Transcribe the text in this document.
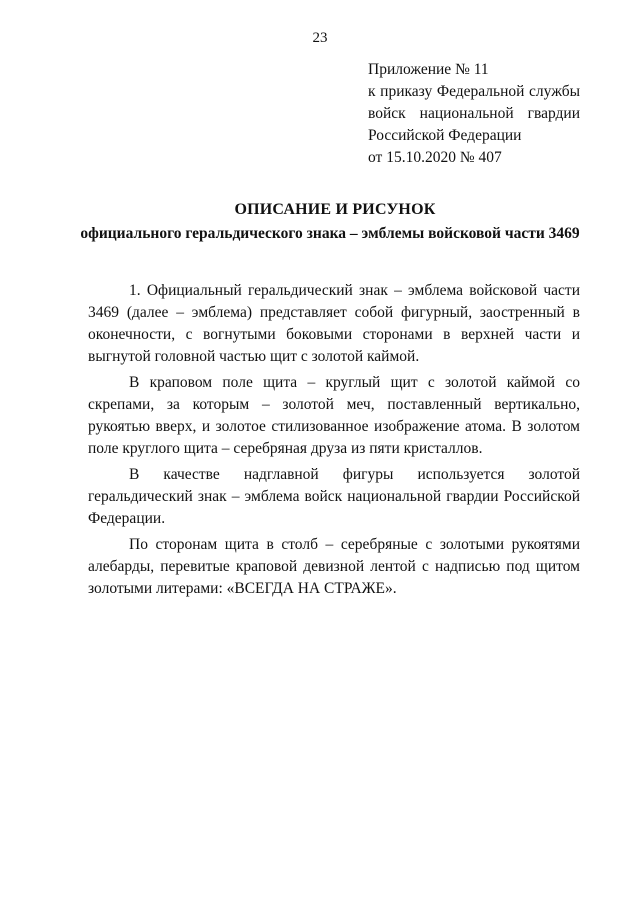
23
Приложение № 11
к приказу Федеральной службы
войск национальной гвардии
Российской Федерации
от 15.10.2020 № 407
ОПИСАНИЕ И РИСУНОК
официального геральдического знака – эмблемы войсковой части 3469

1. Официальный геральдический знак – эмблема войсковой части 3469 (далее – эмблема) представляет собой фигурный, заостренный в оконечности, с вогнутыми боковыми сторонами в верхней части и выгнутой головной частью щит с золотой каймой.

В краповом поле щита – круглый щит с золотой каймой со скрепами, за которым – золотой меч, поставленный вертикально, рукоятью вверх, и золотое стилизованное изображение атома. В золотом поле круглого щита – серебряная друза из пяти кристаллов.

В качестве надглавной фигуры используется золотой геральдический знак – эмблема войск национальной гвардии Российской Федерации.

По сторонам щита в столб – серебряные с золотыми рукоятями алебарды, перевитые краповой девизной лентой с надписью под щитом золотыми литерами: «ВСЕГДА НА СТРАЖЕ».
